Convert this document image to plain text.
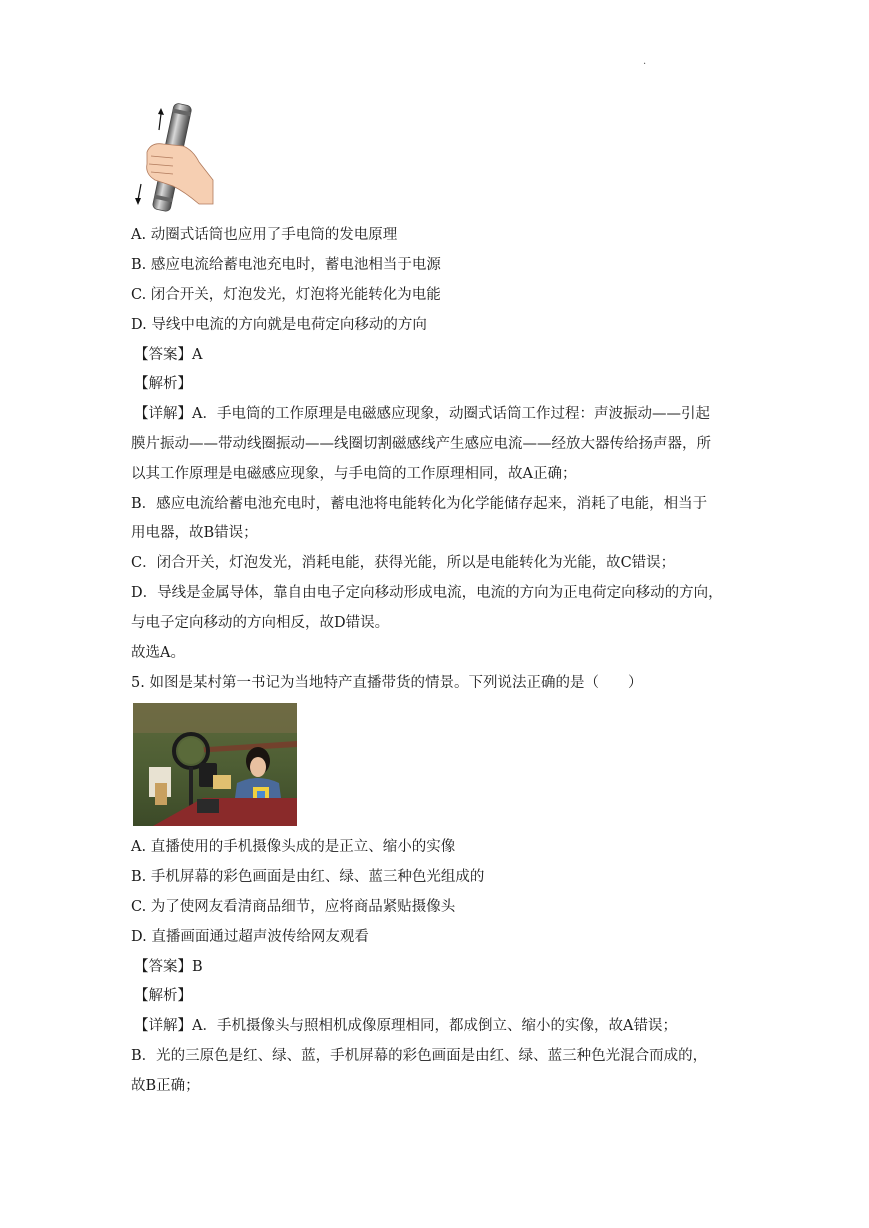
.
A. 动圈式话筒也应用了手电筒的发电原理
B. 感应电流给蓄电池充电时，蓄电池相当于电源
C. 闭合开关，灯泡发光，灯泡将光能转化为电能
D. 导线中电流的方向就是电荷定向移动的方向
【答案】A
【解析】
【详解】A．手电筒的工作原理是电磁感应现象，动圈式话筒工作过程：声波振动——引起
膜片振动——带动线圈振动——线圈切割磁感线产生感应电流——经放大器传给扬声器，所
以其工作原理是电磁感应现象，与手电筒的工作原理相同，故A正确；
B．感应电流给蓄电池充电时，蓄电池将电能转化为化学能储存起来，消耗了电能，相当于
用电器，故B错误；
C．闭合开关，灯泡发光，消耗电能，获得光能，所以是电能转化为光能，故C错误；
D．导线是金属导体，靠自由电子定向移动形成电流，电流的方向为正电荷定向移动的方向，
与电子定向移动的方向相反，故D错误。
故选A。
5. 如图是某村第一书记为当地特产直播带货的情景。下列说法正确的是（　　）
A. 直播使用的手机摄像头成的是正立、缩小的实像
B. 手机屏幕的彩色画面是由红、绿、蓝三种色光组成的
C. 为了使网友看清商品细节，应将商品紧贴摄像头
D. 直播画面通过超声波传给网友观看
【答案】B
【解析】
【详解】A．手机摄像头与照相机成像原理相同，都成倒立、缩小的实像，故A错误；
B．光的三原色是红、绿、蓝，手机屏幕的彩色画面是由红、绿、蓝三种色光混合而成的，
故B正确；
